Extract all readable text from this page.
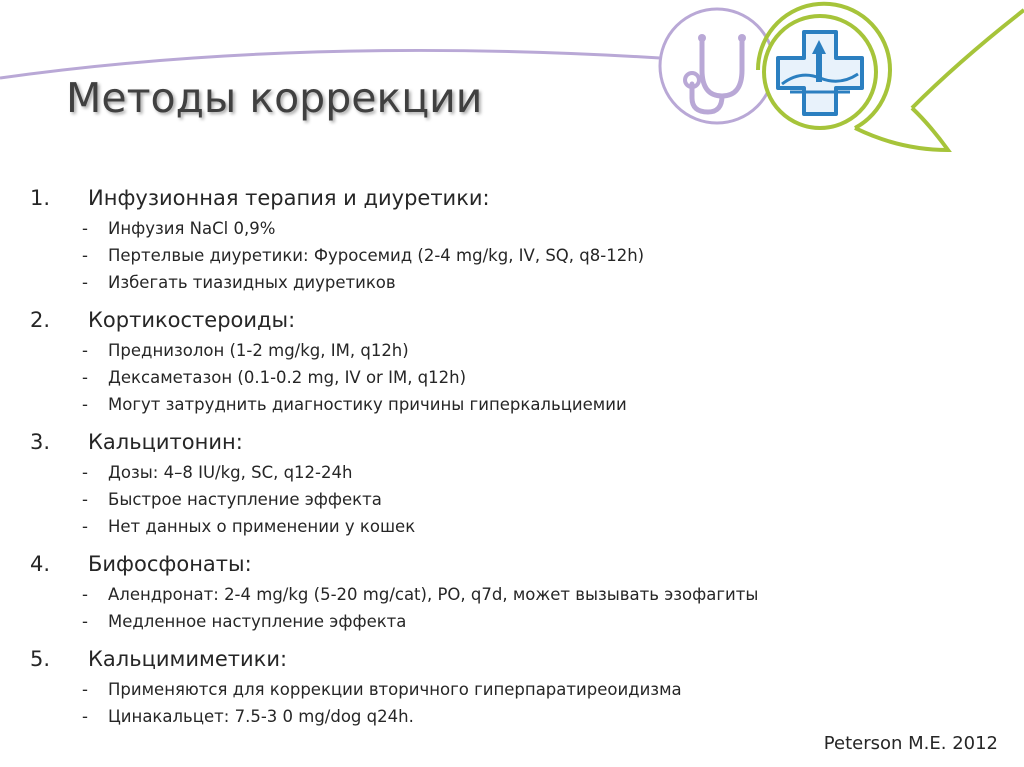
Методы коррекции
1.	Инфузионная терапия и диуретики:
-	Инфузия NaCl 0,9%
-	Пертелвые диуретики: Фуросемид (2-4 mg/kg, IV, SQ, q8-12h)
-	Избегать тиазидных диуретиков
2.	Кортикостероиды:
-	Преднизолон (1-2 mg/kg, IM, q12h)
-	Дексаметазон (0.1-0.2 mg, IV or IM, q12h)
-	Могут затруднить диагностику причины гиперкальциемии
3.	Кальцитонин:
-	Дозы: 4–8 IU/kg, SC, q12-24h
-	Быстрое наступление эффекта
-	Нет данных о применении у кошек
4.	Бифосфонаты:
-	Алендронат: 2-4 mg/kg (5-20 mg/cat), PO, q7d, может вызывать эзофагиты
-	Медленное наступление эффекта
5.	Кальцимиметики:
-	Применяются для коррекции вторичного гиперпаратиреоидизма
-	Цинакальцет: 7.5-3 0 mg/dog q24h.
Peterson M.E. 2012
